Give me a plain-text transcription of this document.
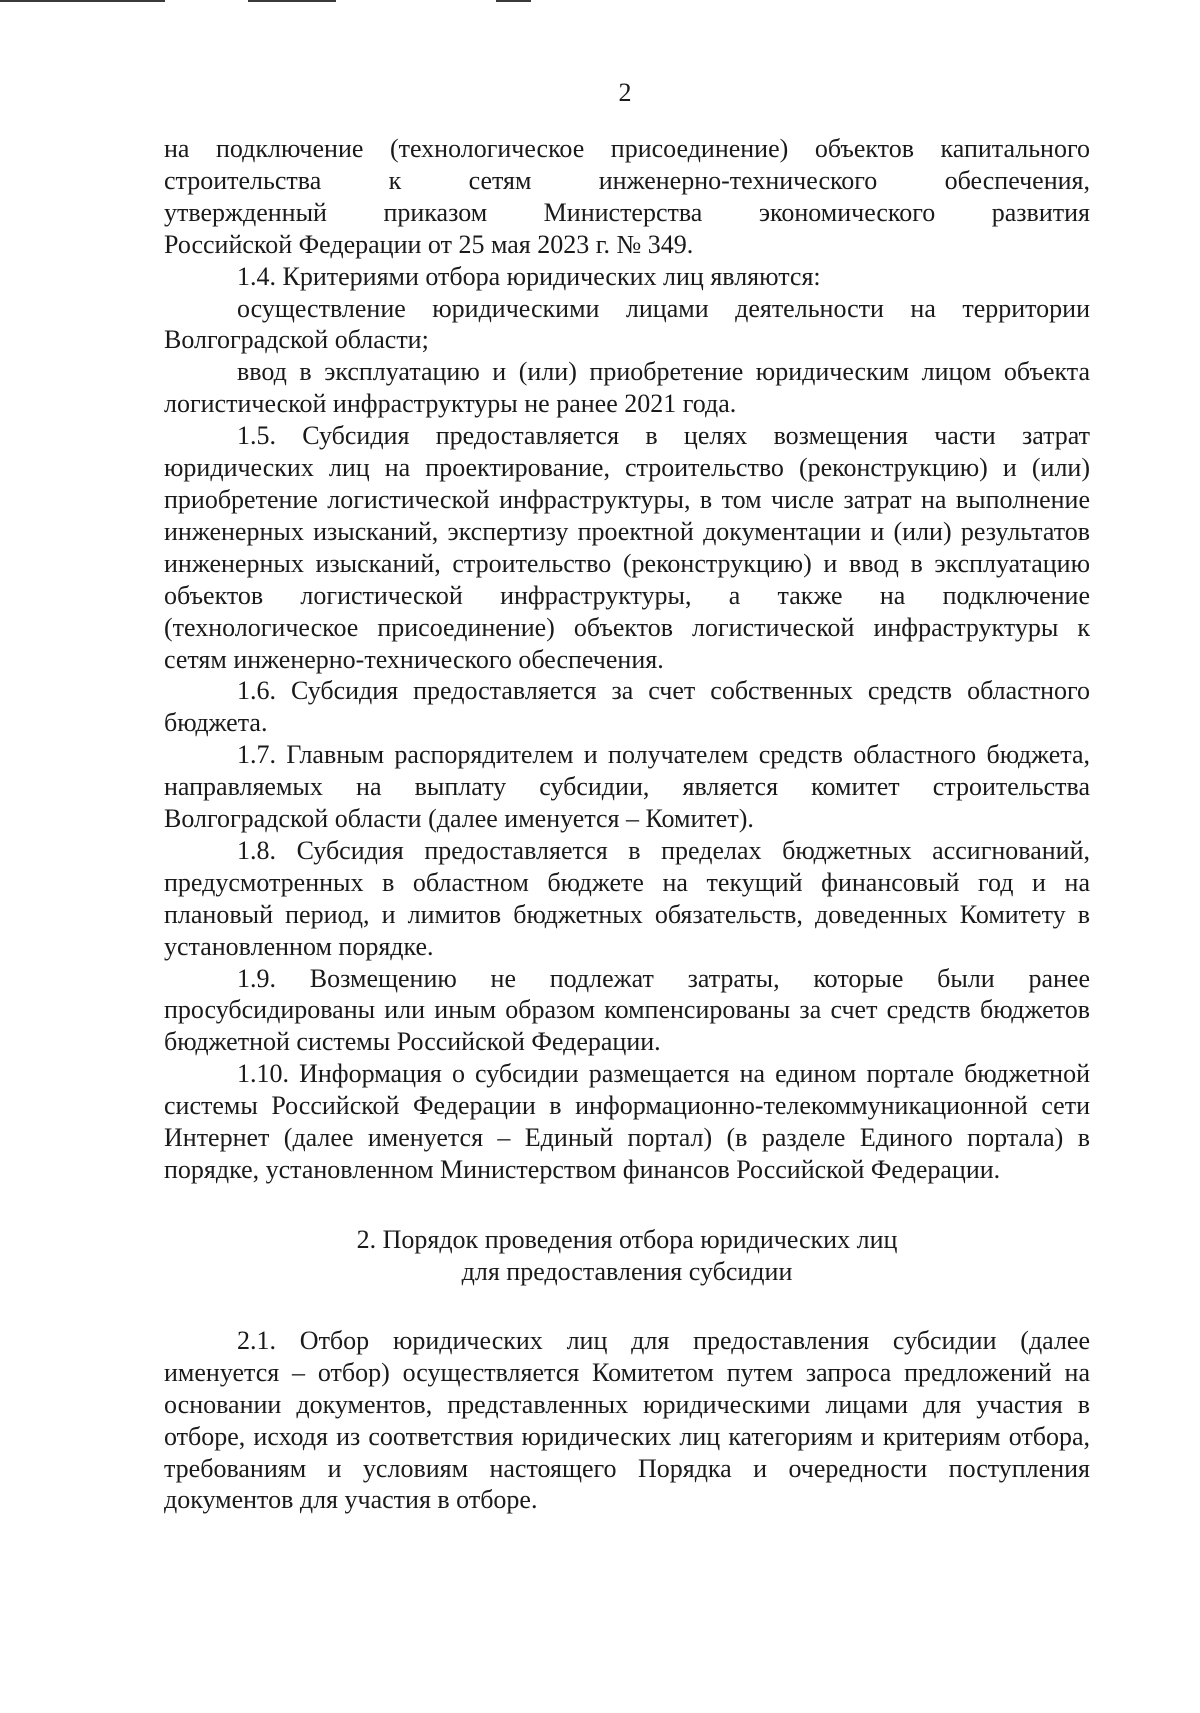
2

на подключение (технологическое присоединение) объектов капитального

строительства к сетям инженерно-технического обеспечения,

утвержденный приказом Министерства экономического развития

Российской Федерации от 25 мая 2023 г. № 349.

1.4. Критериями отбора юридических лиц являются:

осуществление юридическими лицами деятельности на территории Волгоградской области;

ввод в эксплуатацию и (или) приобретение юридическим лицом объекта логистической инфраструктуры не ранее 2021 года.

1.5. Субсидия предоставляется в целях возмещения части затрат юридических лиц на проектирование, строительство (реконструкцию) и (или) приобретение логистической инфраструктуры, в том числе затрат на выполнение инженерных изысканий, экспертизу проектной документации и (или) результатов инженерных изысканий, строительство (реконструкцию) и ввод в эксплуатацию объектов логистической инфраструктуры, а также на подключение (технологическое присоединение) объектов логистической инфраструктуры к сетям инженерно-технического обеспечения.

1.6. Субсидия предоставляется за счет собственных средств областного бюджета.

1.7. Главным распорядителем и получателем средств областного бюджета, направляемых на выплату субсидии, является комитет строительства Волгоградской области (далее именуется – Комитет).

1.8. Субсидия предоставляется в пределах бюджетных ассигнований, предусмотренных в областном бюджете на текущий финансовый год и на плановый период, и лимитов бюджетных обязательств, доведенных Комитету в установленном порядке.

1.9. Возмещению не подлежат затраты, которые были ранее просубсидированы или иным образом компенсированы за счет средств бюджетов бюджетной системы Российской Федерации.

1.10. Информация о субсидии размещается на едином портале бюджетной системы Российской Федерации в информационно-телекоммуникационной сети Интернет (далее именуется – Единый портал) (в разделе Единого портала) в порядке, установленном Министерством финансов Российской Федерации.

2. Порядок проведения отбора юридических лиц
для предоставления субсидии

2.1. Отбор юридических лиц для предоставления субсидии (далее именуется – отбор) осуществляется Комитетом путем запроса предложений на основании документов, представленных юридическими лицами для участия в отборе, исходя из соответствия юридических лиц категориям и критериям отбора, требованиям и условиям настоящего Порядка и очередности поступления документов для участия в отборе.
